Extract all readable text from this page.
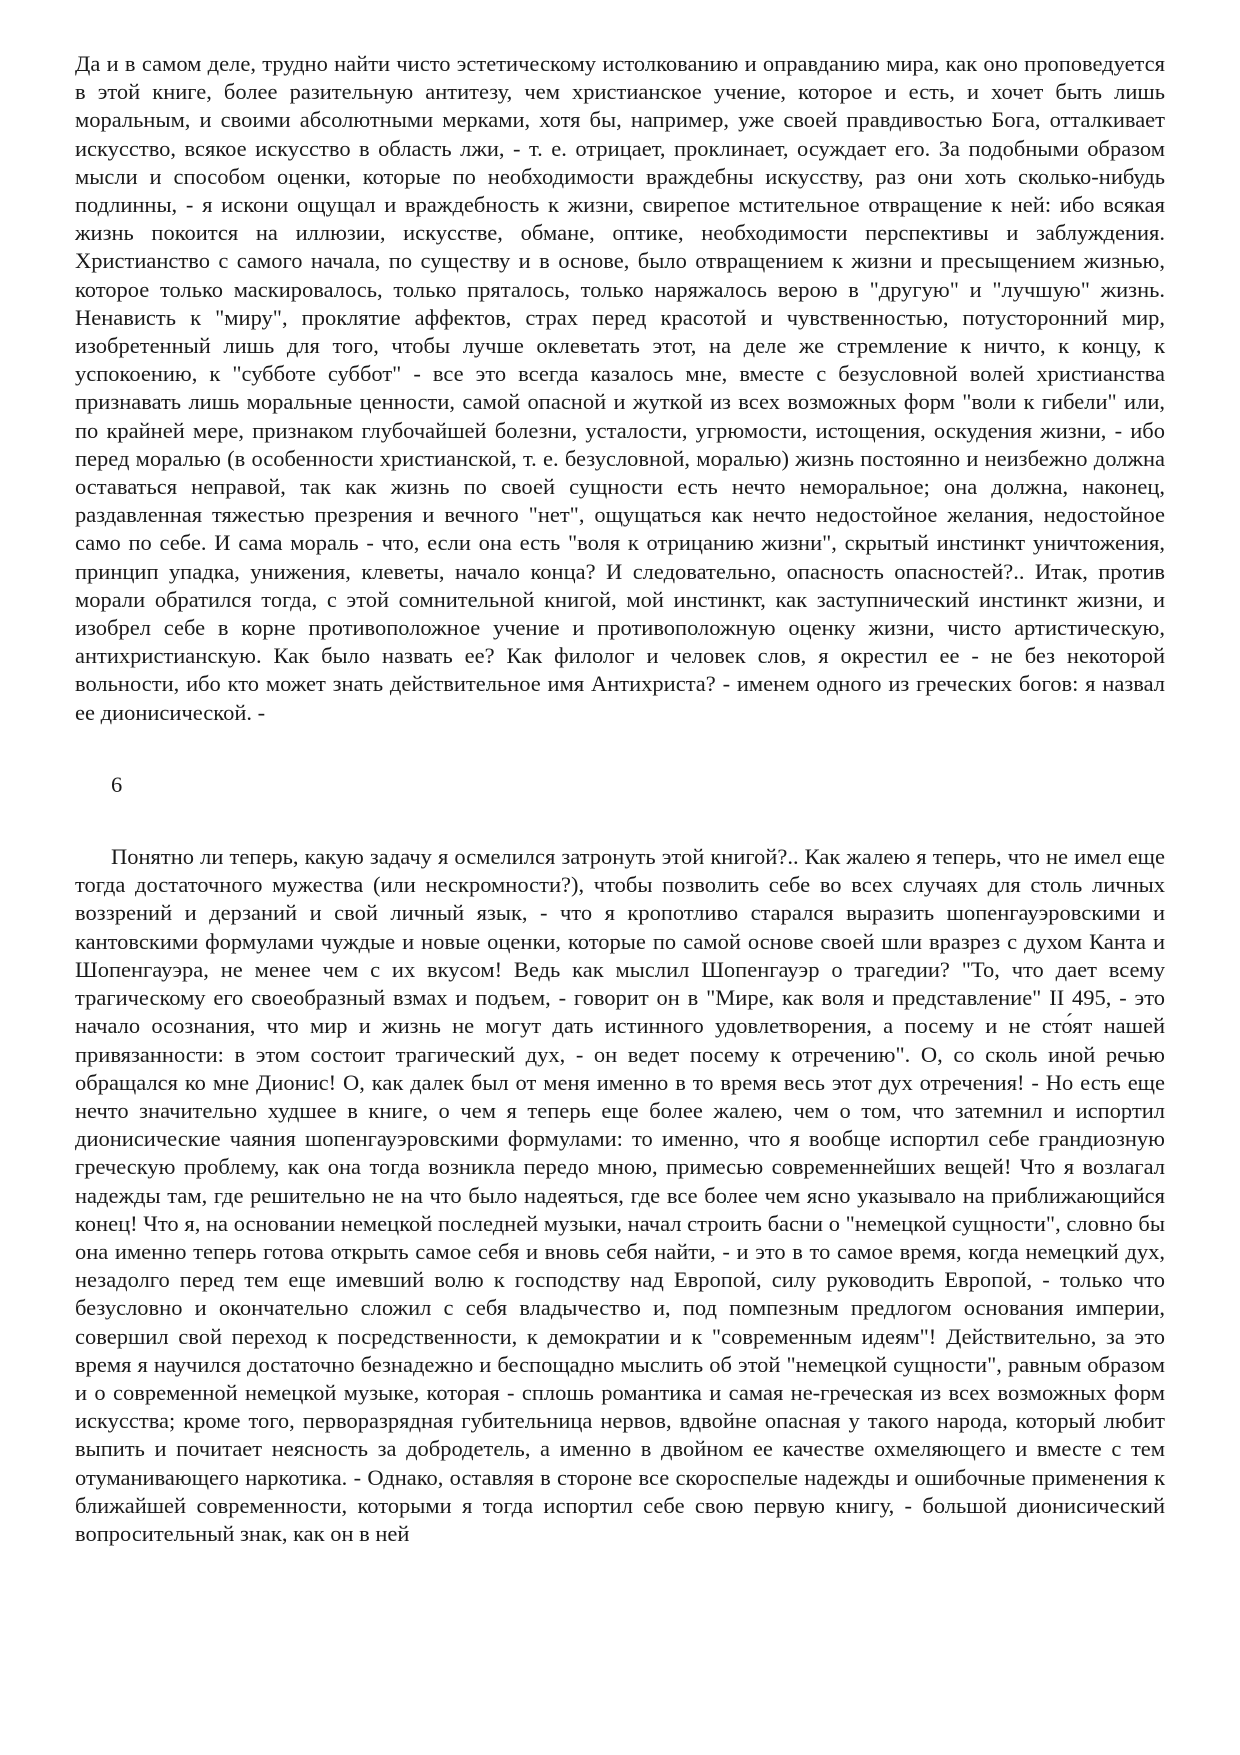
Да и в самом деле, трудно найти чисто эстетическому истолкованию и оправданию мира, как оно проповедуется в этой книге, более разительную антитезу, чем христианское учение, которое и есть, и хочет быть лишь моральным, и своими абсолютными мерками, хотя бы, например, уже своей правдивостью Бога, отталкивает искусство, всякое искусство в область лжи, - т. е. отрицает, проклинает, осуждает его. За подобными образом мысли и способом оценки, которые по необходимости враждебны искусству, раз они хоть сколько-нибудь подлинны, - я искони ощущал и враждебность к жизни, свирепое мстительное отвращение к ней: ибо всякая жизнь покоится на иллюзии, искусстве, обмане, оптике, необходимости перспективы и заблуждения. Христианство с самого начала, по существу и в основе, было отвращением к жизни и пресыщением жизнью, которое только маскировалось, только пряталось, только наряжалось верою в "другую" и "лучшую" жизнь. Ненависть к "миру", проклятие аффектов, страх перед красотой и чувственностью, потусторонний мир, изобретенный лишь для того, чтобы лучше оклеветать этот, на деле же стремление к ничто, к концу, к успокоению, к "субботе суббот" - все это всегда казалось мне, вместе с безусловной волей христианства признавать лишь моральные ценности, самой опасной и жуткой из всех возможных форм "воли к гибели" или, по крайней мере, признаком глубочайшей болезни, усталости, угрюмости, истощения, оскудения жизни, - ибо перед моралью (в особенности христианской, т. е. безусловной, моралью) жизнь постоянно и неизбежно должна оставаться неправой, так как жизнь по своей сущности есть нечто неморальное; она должна, наконец, раздавленная тяжестью презрения и вечного "нет", ощущаться как нечто недостойное желания, недостойное само по себе. И сама мораль - что, если она есть "воля к отрицанию жизни", скрытый инстинкт уничтожения, принцип упадка, унижения, клеветы, начало конца? И следовательно, опасность опасностей?.. Итак, против морали обратился тогда, с этой сомнительной книгой, мой инстинкт, как заступнический инстинкт жизни, и изобрел себе в корне противоположное учение и противоположную оценку жизни, чисто артистическую, антихристианскую. Как было назвать ее? Как филолог и человек слов, я окрестил ее - не без некоторой вольности, ибо кто может знать действительное имя Антихриста? - именем одного из греческих богов: я назвал ее дионисической. -

6

Понятно ли теперь, какую задачу я осмелился затронуть этой книгой?.. Как жалею я теперь, что не имел еще тогда достаточного мужества (или нескромности?), чтобы позволить себе во всех случаях для столь личных воззрений и дерзаний и свой личный язык, - что я кропотливо старался выразить шопенгауэровскими и кантовскими формулами чуждые и новые оценки, которые по самой основе своей шли вразрез с духом Канта и Шопенгауэра, не менее чем с их вкусом! Ведь как мыслил Шопенгауэр о трагедии? "То, что дает всему трагическому его своеобразный взмах и подъем, - говорит он в "Мире, как воля и представление" II 495, - это начало осознания, что мир и жизнь не могут дать истинного удовлетворения, а посему и не сто́ят нашей привязанности: в этом состоит трагический дух, - он ведет посему к отречению". О, со сколь иной речью обращался ко мне Дионис! О, как далек был от меня именно в то время весь этот дух отречения! - Но есть еще нечто значительно худшее в книге, о чем я теперь еще более жалею, чем о том, что затемнил и испортил дионисические чаяния шопенгауэровскими формулами: то именно, что я вообще испортил себе грандиозную греческую проблему, как она тогда возникла передо мною, примесью современнейших вещей! Что я возлагал надежды там, где решительно не на что было надеяться, где все более чем ясно указывало на приближающийся конец! Что я, на основании немецкой последней музыки, начал строить басни о "немецкой сущности", словно бы она именно теперь готова открыть самое себя и вновь себя найти, - и это в то самое время, когда немецкий дух, незадолго перед тем еще имевший волю к господству над Европой, силу руководить Европой, - только что безусловно и окончательно сложил с себя владычество и, под помпезным предлогом основания империи, совершил свой переход к посредственности, к демократии и к "современным идеям"! Действительно, за это время я научился достаточно безнадежно и беспощадно мыслить об этой "немецкой сущности", равным образом и о современной немецкой музыке, которая - сплошь романтика и самая не-греческая из всех возможных форм искусства; кроме того, перворазрядная губительница нервов, вдвойне опасная у такого народа, который любит выпить и почитает неясность за добродетель, а именно в двойном ее качестве охмеляющего и вместе с тем отуманивающего наркотика. - Однако, оставляя в стороне все скороспелые надежды и ошибочные применения к ближайшей современности, которыми я тогда испортил себе свою первую книгу, - большой дионисический вопросительный знак, как он в ней
